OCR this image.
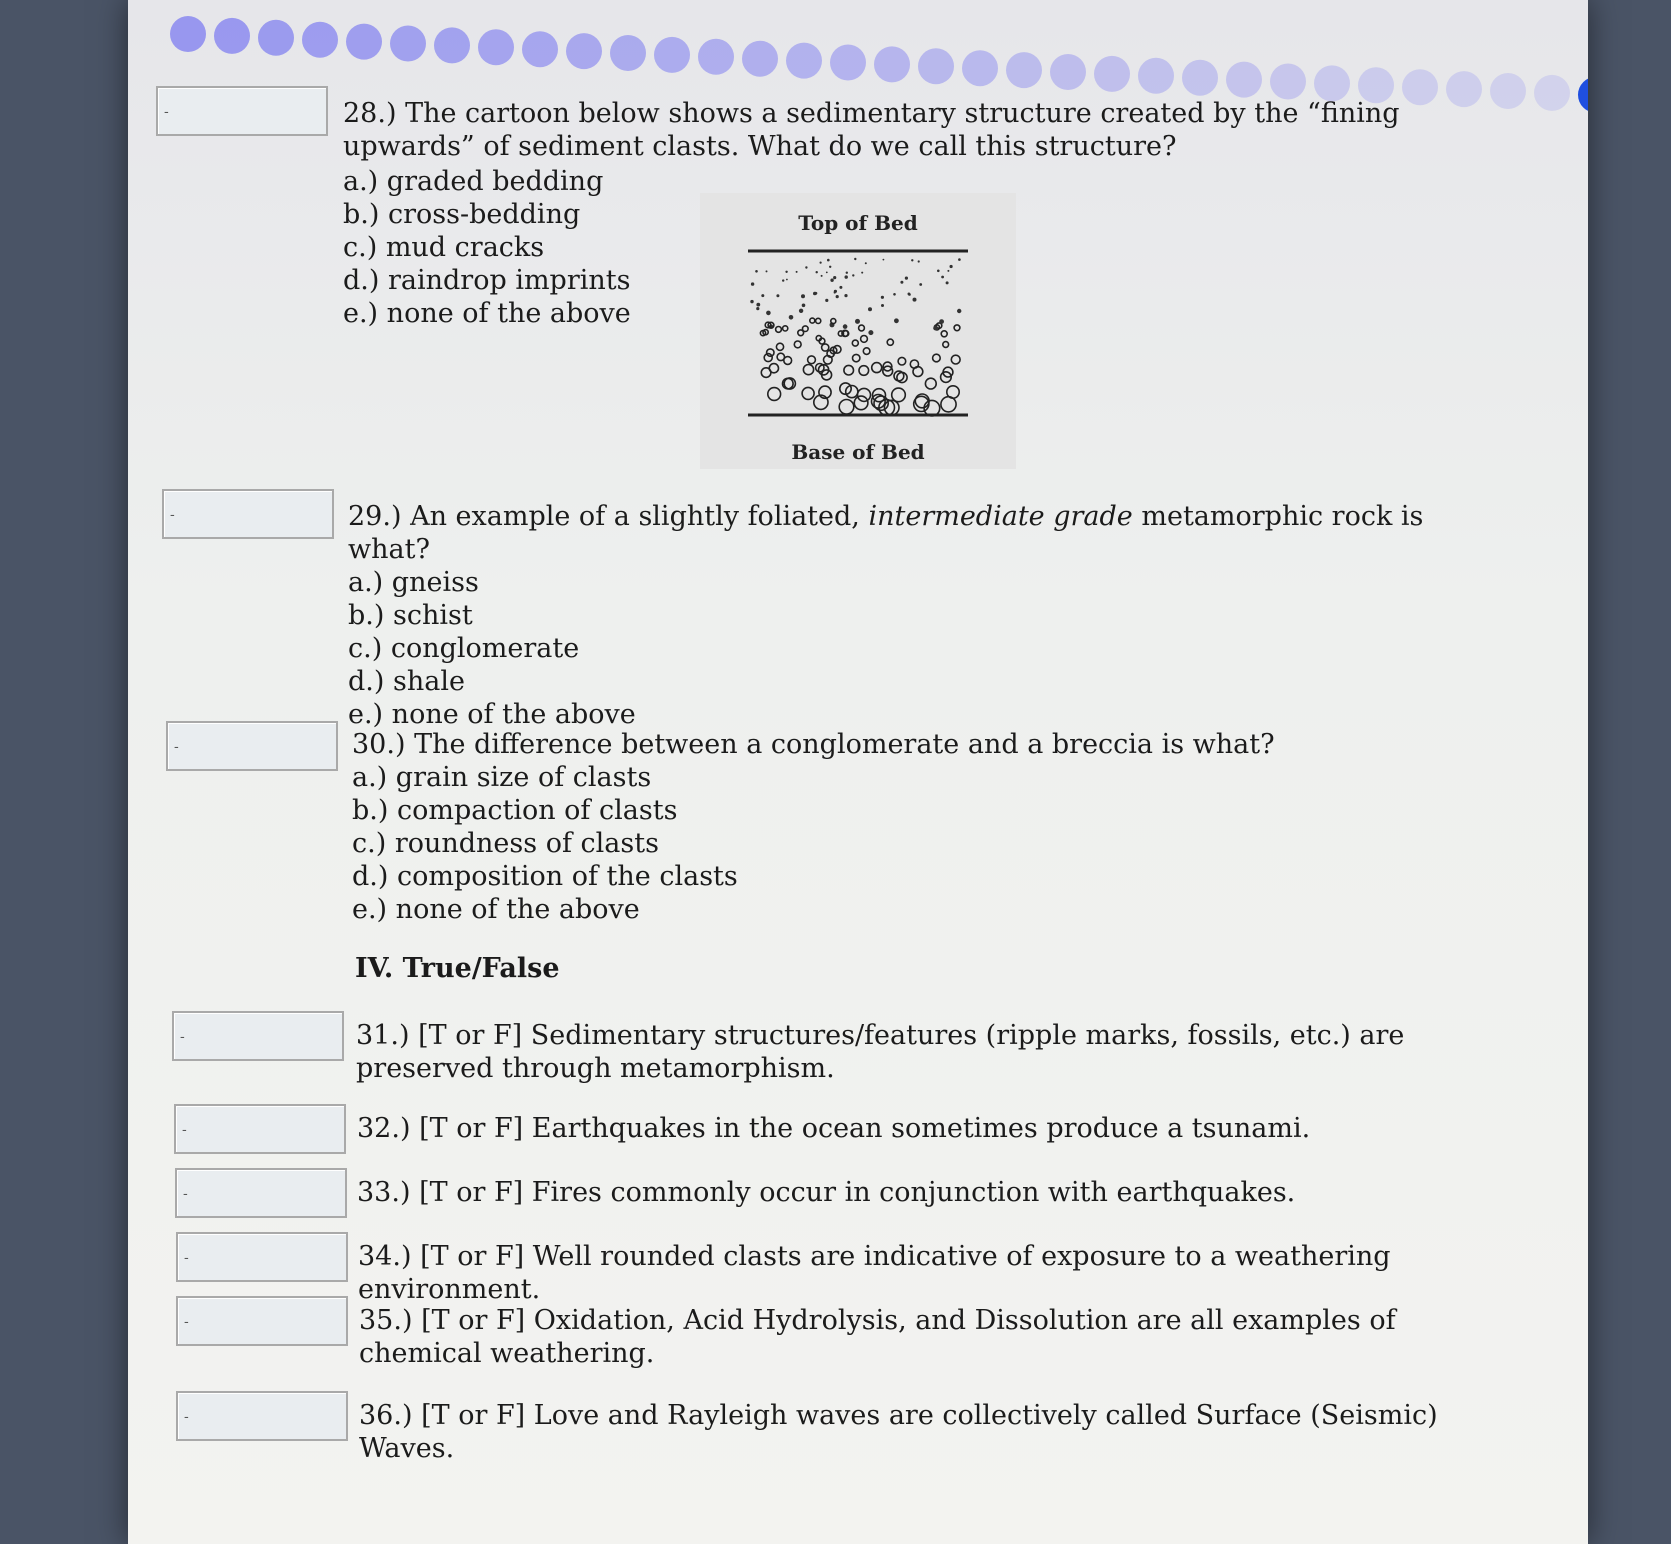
-	28.) The cartoon below shows a sedimentary structure created by the “fining upwards” of sediment clasts. What do we call this structure?

a.) graded bedding

b.) cross-bedding

c.) mud cracks

d.) raindrop imprints

e.) none of the above

Top of Bed
Base of Bed
-	29.) An example of a slightly foliated, intermediate grade metamorphic rock is what?

a.) gneiss

b.) schist

c.) conglomerate

d.) shale

e.) none of the above

-	30.) The difference between a conglomerate and a breccia is what?

a.) grain size of clasts

b.) compaction of clasts

c.) roundness of clasts

d.) composition of the clasts

e.) none of the above

IV. True/False
-	31.) [T or F] Sedimentary structures/features (ripple marks, fossils, etc.) are preserved through metamorphism.
-	32.) [T or F] Earthquakes in the ocean sometimes produce a tsunami.
-	33.) [T or F] Fires commonly occur in conjunction with earthquakes.
-	34.) [T or F] Well rounded clasts are indicative of exposure to a weathering environment.
-	35.) [T or F] Oxidation, Acid Hydrolysis, and Dissolution are all examples of chemical weathering.
-	36.) [T or F] Love and Rayleigh waves are collectively called Surface (Seismic) Waves.
